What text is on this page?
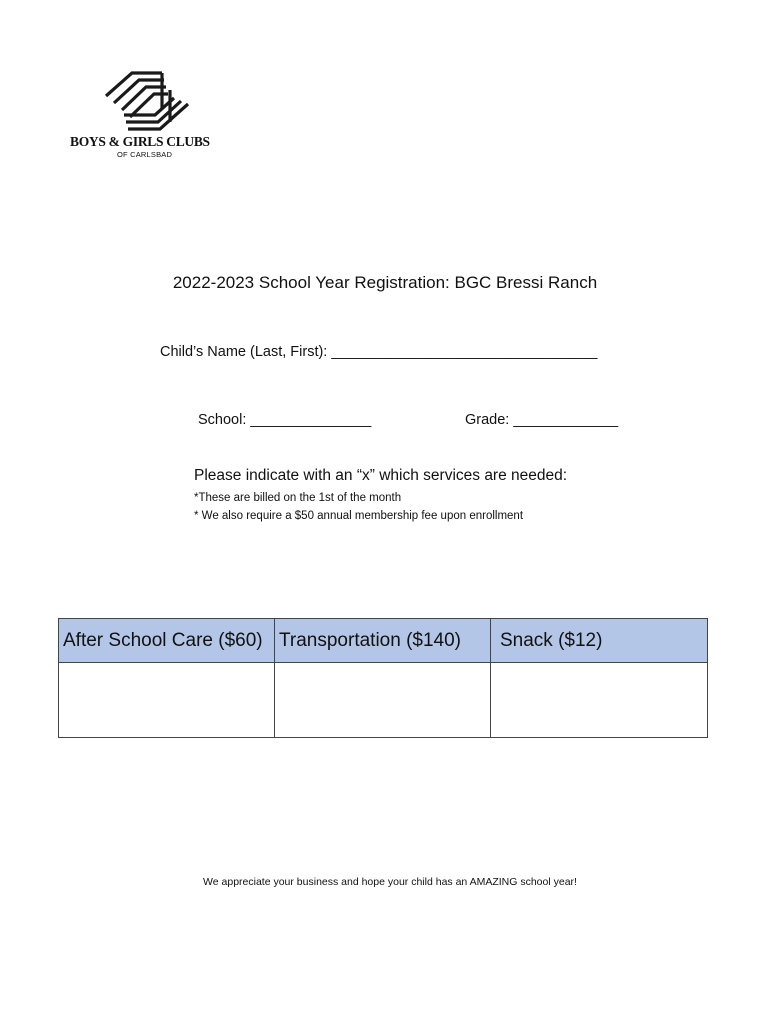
BOYS & GIRLS CLUBS
OF CARLSBAD
2022-2023 School Year Registration: BGC Bressi Ranch
Child’s Name (Last, First): _________________________________
School: _______________	Grade: _____________
Please indicate with an “x” which services are needed:
*These are billed on the 1st of the month
* We also require a $50 annual membership fee upon enrollment
After School Care ($60)	Transportation ($140)	Snack ($12)

We appreciate your business and hope your child has an AMAZING school year!
